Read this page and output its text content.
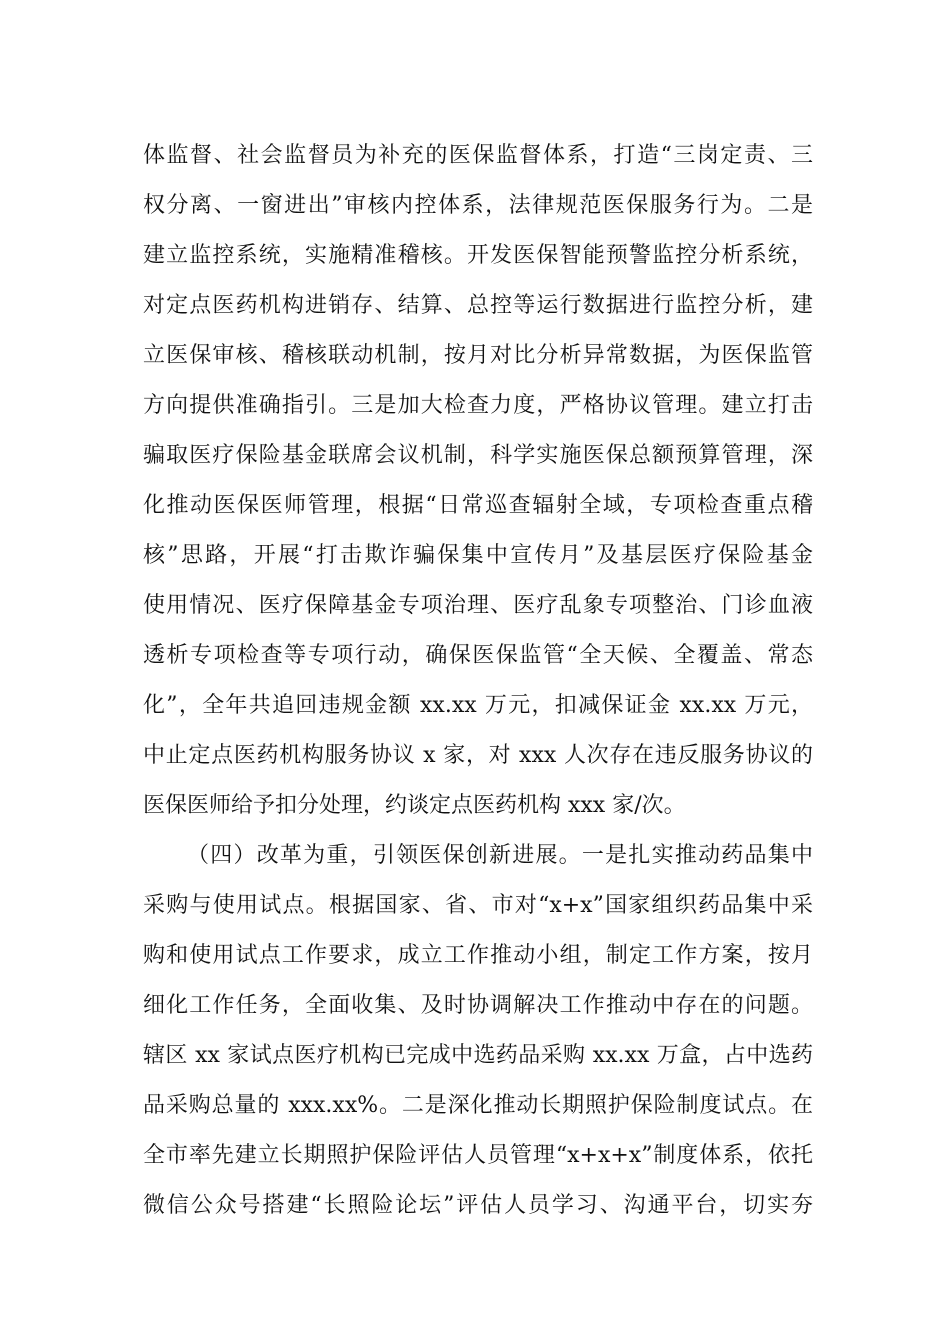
体监督、社会监督员为补充的医保监督体系，打造“三岗定责、三
权分离、一窗进出”审核内控体系，法律规范医保服务行为。二是
建立监控系统，实施精准稽核。开发医保智能预警监控分析系统，
对定点医药机构进销存、结算、总控等运行数据进行监控分析，建
立医保审核、稽核联动机制，按月对比分析异常数据，为医保监管
方向提供准确指引。三是加大检查力度，严格协议管理。建立打击
骗取医疗保险基金联席会议机制，科学实施医保总额预算管理，深
化推动医保医师管理，根据“日常巡查辐射全域，专项检查重点稽
核”思路，开展“打击欺诈骗保集中宣传月”及基层医疗保险基金
使用情况、医疗保障基金专项治理、医疗乱象专项整治、门诊血液
透析专项检查等专项行动，确保医保监管“全天候、全覆盖、常态
化”，全年共追回违规金额 xx.xx 万元，扣减保证金 xx.xx 万元，
中止定点医药机构服务协议 x 家，对 xxx 人次存在违反服务协议的
医保医师给予扣分处理，约谈定点医药机构 xxx 家/次。
（四）改革为重，引领医保创新进展。一是扎实推动药品集中
采购与使用试点。根据国家、省、市对“x+x”国家组织药品集中采
购和使用试点工作要求，成立工作推动小组，制定工作方案，按月
细化工作任务，全面收集、及时协调解决工作推动中存在的问题。
辖区 xx 家试点医疗机构已完成中选药品采购 xx.xx 万盒，占中选药
品采购总量的 xxx.xx%。二是深化推动长期照护保险制度试点。在
全市率先建立长期照护保险评估人员管理“x+x+x”制度体系，依托
微信公众号搭建“长照险论坛”评估人员学习、沟通平台，切实夯
